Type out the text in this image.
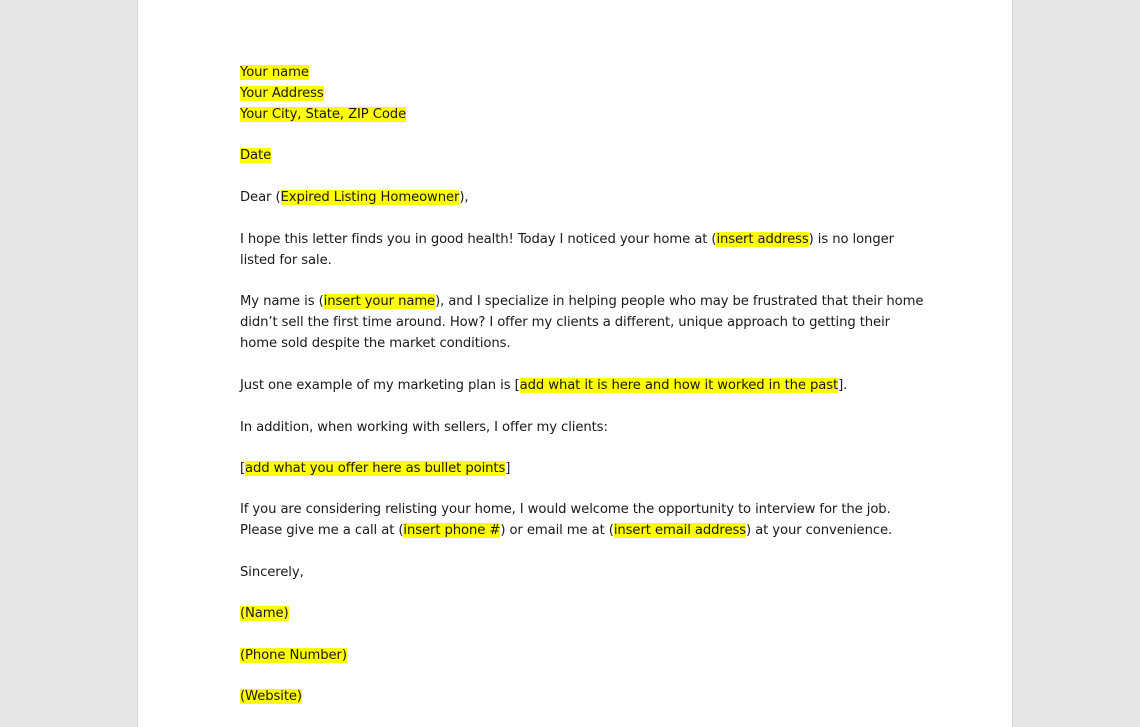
Your name
Your Address
Your City, State, ZIP Code
Date
Dear (Expired Listing Homeowner),
I hope this letter finds you in good health! Today I noticed your home at (insert address) is no longer
listed for sale.
My name is (insert your name), and I specialize in helping people who may be frustrated that their home
didn’t sell the first time around. How? I offer my clients a different, unique approach to getting their
home sold despite the market conditions.
Just one example of my marketing plan is [add what it is here and how it worked in the past].
In addition, when working with sellers, I offer my clients:
[add what you offer here as bullet points]
If you are considering relisting your home, I would welcome the opportunity to interview for the job.
Please give me a call at (insert phone #) or email me at (insert email address) at your convenience.
Sincerely,
(Name)
(Phone Number)
(Website)
